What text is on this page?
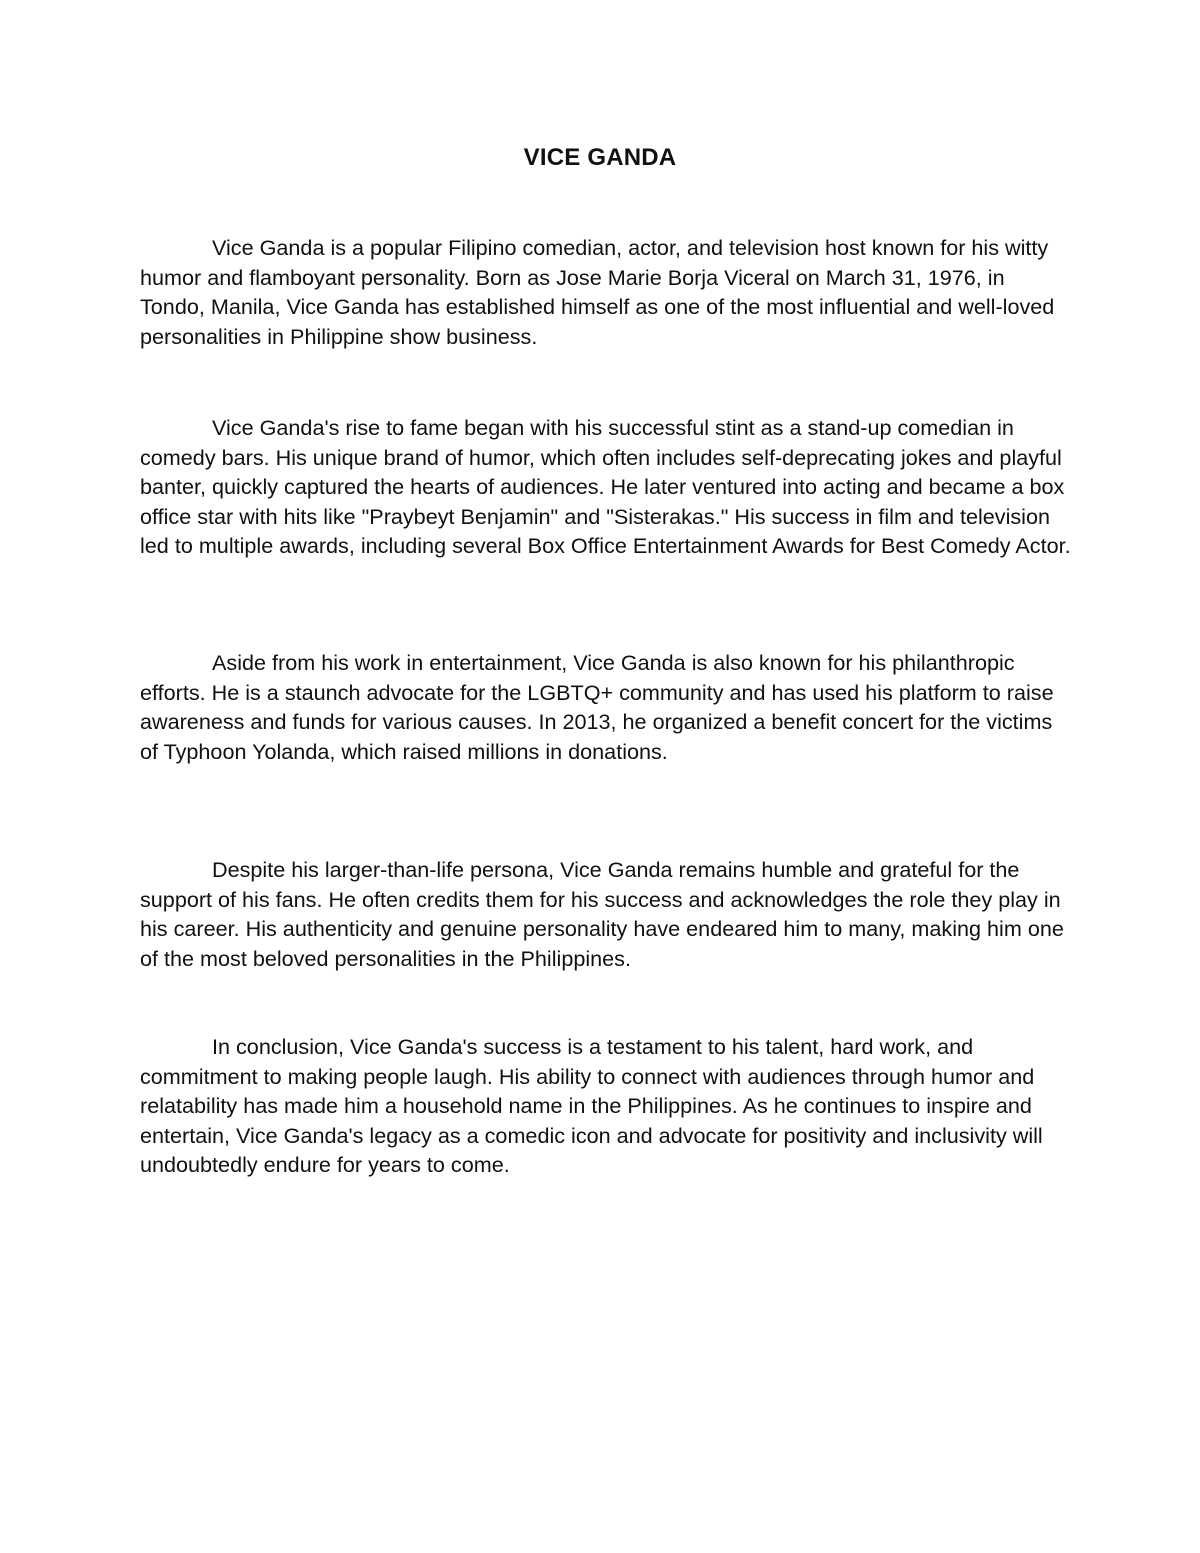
VICE GANDA

Vice Ganda is a popular Filipino comedian, actor, and television host known for his witty humor and flamboyant personality. Born as Jose Marie Borja Viceral on March 31, 1976, in Tondo, Manila, Vice Ganda has established himself as one of the most influential and well-loved personalities in Philippine show business.

Vice Ganda's rise to fame began with his successful stint as a stand-up comedian in comedy bars. His unique brand of humor, which often includes self-deprecating jokes and playful banter, quickly captured the hearts of audiences. He later ventured into acting and became a box office star with hits like "Praybeyt Benjamin" and "Sisterakas." His success in film and television led to multiple awards, including several Box Office Entertainment Awards for Best Comedy Actor.

Aside from his work in entertainment, Vice Ganda is also known for his philanthropic efforts. He is a staunch advocate for the LGBTQ+ community and has used his platform to raise awareness and funds for various causes. In 2013, he organized a benefit concert for the victims of Typhoon Yolanda, which raised millions in donations.

Despite his larger-than-life persona, Vice Ganda remains humble and grateful for the support of his fans. He often credits them for his success and acknowledges the role they play in his career. His authenticity and genuine personality have endeared him to many, making him one of the most beloved personalities in the Philippines.

In conclusion, Vice Ganda's success is a testament to his talent, hard work, and commitment to making people laugh. His ability to connect with audiences through humor and relatability has made him a household name in the Philippines. As he continues to inspire and entertain, Vice Ganda's legacy as a comedic icon and advocate for positivity and inclusivity will undoubtedly endure for years to come.
